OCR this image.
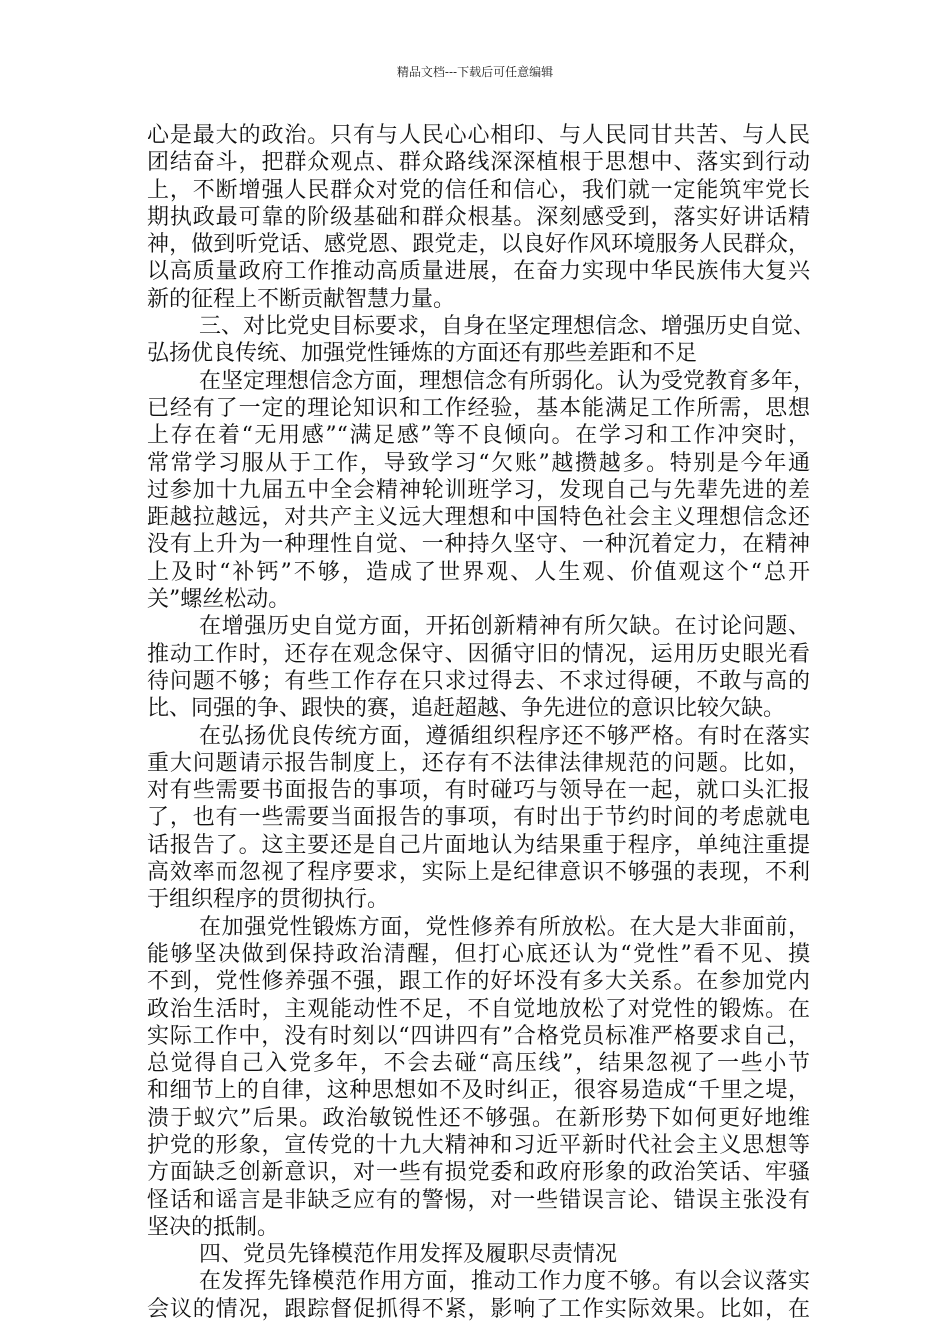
精品文档---下载后可任意编辑
心是最大的政治。只有与人民心心相印、与人民同甘共苦、与人民
团结奋斗，把群众观点、群众路线深深植根于思想中、落实到行动
上，不断增强人民群众对党的信任和信心，我们就一定能筑牢党长
期执政最可靠的阶级基础和群众根基。深刻感受到，落实好讲话精
神，做到听党话、感党恩、跟党走，以良好作风环境服务人民群众，
以高质量政府工作推动高质量进展，在奋力实现中华民族伟大复兴
新的征程上不断贡献智慧力量。
三、对比党史目标要求，自身在坚定理想信念、增强历史自觉、
弘扬优良传统、加强党性锤炼的方面还有那些差距和不足
在坚定理想信念方面，理想信念有所弱化。认为受党教育多年，
已经有了一定的理论知识和工作经验，基本能满足工作所需，思想
上存在着“无用感”“满足感”等不良倾向。在学习和工作冲突时，
常常学习服从于工作，导致学习“欠账”越攒越多。特别是今年通
过参加十九届五中全会精神轮训班学习，发现自己与先辈先进的差
距越拉越远，对共产主义远大理想和中国特色社会主义理想信念还
没有上升为一种理性自觉、一种持久坚守、一种沉着定力，在精神
上及时“补钙”不够，造成了世界观、人生观、价值观这个“总开
关”螺丝松动。
在增强历史自觉方面，开拓创新精神有所欠缺。在讨论问题、
推动工作时，还存在观念保守、因循守旧的情况，运用历史眼光看
待问题不够；有些工作存在只求过得去、不求过得硬，不敢与高的
比、同强的争、跟快的赛，追赶超越、争先进位的意识比较欠缺。
在弘扬优良传统方面，遵循组织程序还不够严格。有时在落实
重大问题请示报告制度上，还存有不法律法律规范的问题。比如，
对有些需要书面报告的事项，有时碰巧与领导在一起，就口头汇报
了，也有一些需要当面报告的事项，有时出于节约时间的考虑就电
话报告了。这主要还是自己片面地认为结果重于程序，单纯注重提
高效率而忽视了程序要求，实际上是纪律意识不够强的表现，不利
于组织程序的贯彻执行。
在加强党性锻炼方面，党性修养有所放松。在大是大非面前，
能够坚决做到保持政治清醒，但打心底还认为“党性”看不见、摸
不到，党性修养强不强，跟工作的好坏没有多大关系。在参加党内
政治生活时，主观能动性不足，不自觉地放松了对党性的锻炼。在
实际工作中，没有时刻以“四讲四有”合格党员标准严格要求自己，
总觉得自己入党多年，不会去碰“高压线”，结果忽视了一些小节
和细节上的自律，这种思想如不及时纠正，很容易造成“千里之堤，
溃于蚁穴”后果。政治敏锐性还不够强。在新形势下如何更好地维
护党的形象，宣传党的十九大精神和习近平新时代社会主义思想等
方面缺乏创新意识，对一些有损党委和政府形象的政治笑话、牢骚
怪话和谣言是非缺乏应有的警惕，对一些错误言论、错误主张没有
坚决的抵制。
四、党员先锋模范作用发挥及履职尽责情况
在发挥先锋模范作用方面，推动工作力度不够。有以会议落实
会议的情况，跟踪督促抓得不紧，影响了工作实际效果。比如，在
